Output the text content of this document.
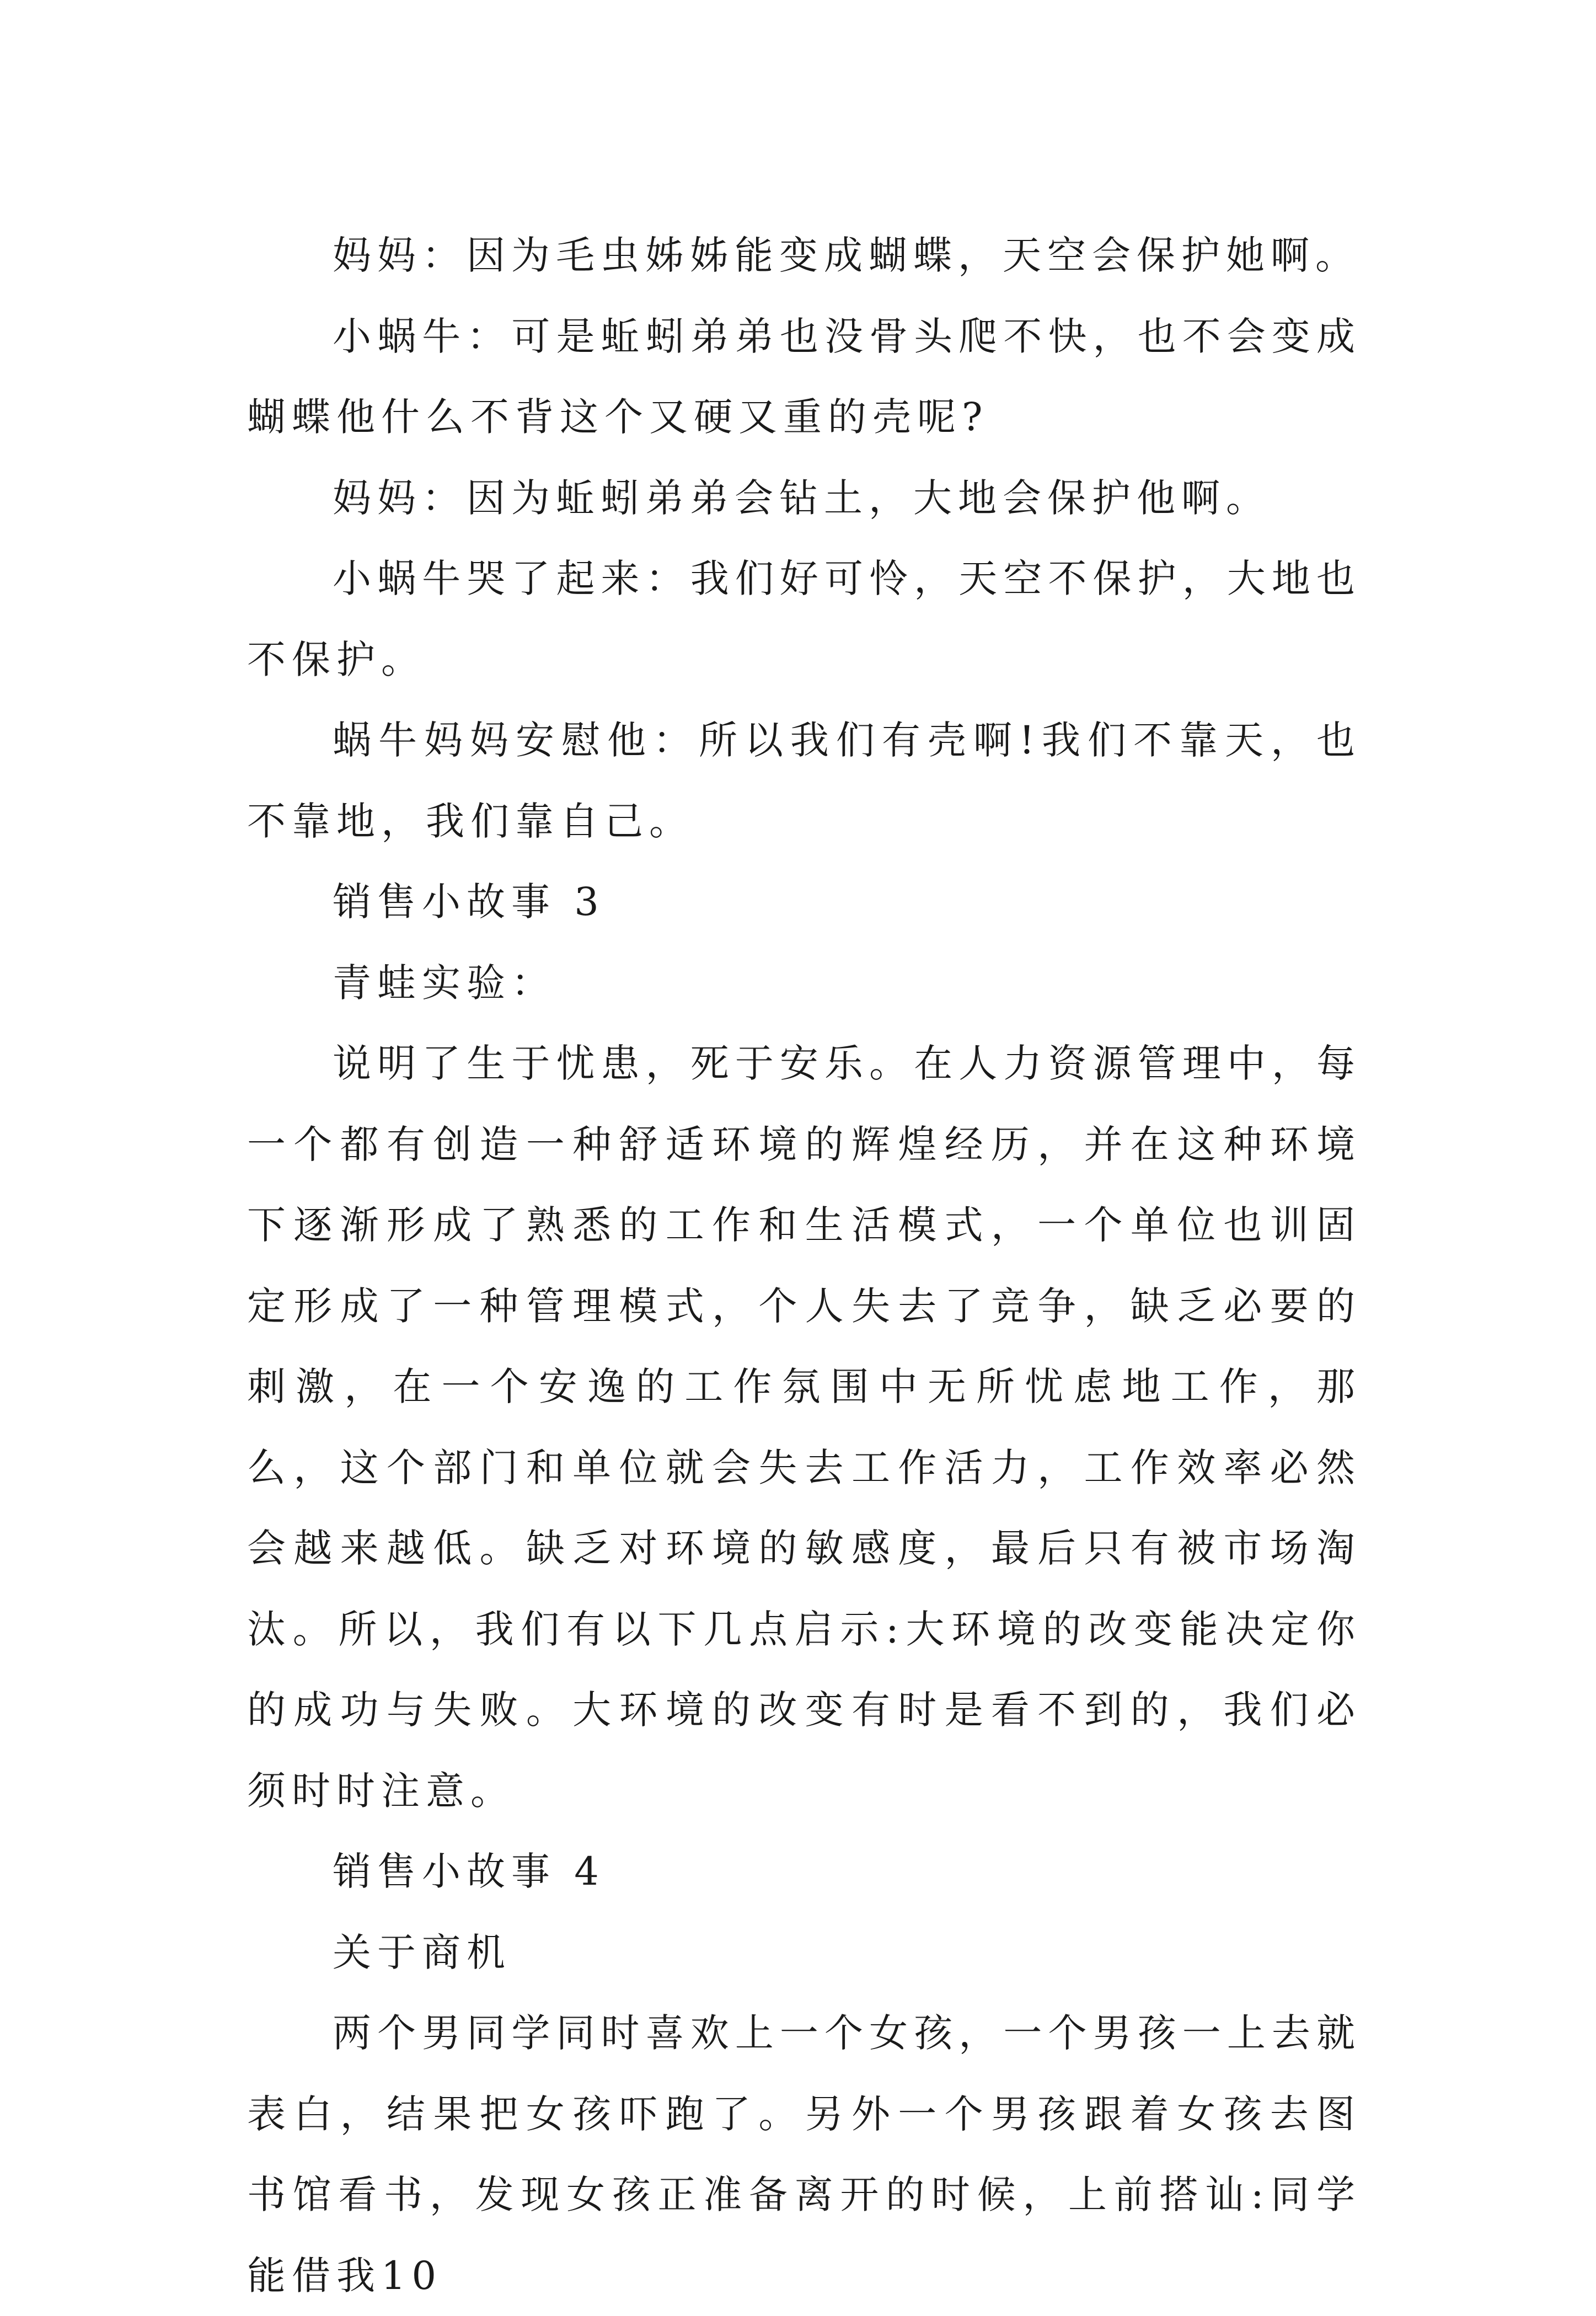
妈妈：因为毛虫姊姊能变成蝴蝶，天空会保护她啊。

小蜗牛：可是蚯蚓弟弟也没骨头爬不快，也不会变成蝴蝶他什么不背这个又硬又重的壳呢?

妈妈：因为蚯蚓弟弟会钻土，大地会保护他啊。

小蜗牛哭了起来：我们好可怜，天空不保护，大地也不保护。

蜗牛妈妈安慰他：所以我们有壳啊!我们不靠天，也不靠地，我们靠自己。

销售小故事 3

青蛙实验：

说明了生于忧患，死于安乐。在人力资源管理中，每一个都有创造一种舒适环境的辉煌经历，并在这种环境下逐渐形成了熟悉的工作和生活模式，一个单位也训固定形成了一种管理模式，个人失去了竞争，缺乏必要的刺激，在一个安逸的工作氛围中无所忧虑地工作，那么，这个部门和单位就会失去工作活力，工作效率必然会越来越低。缺乏对环境的敏感度，最后只有被市场淘汰。所以，我们有以下几点启示:大环境的改变能决定你的成功与失败。大环境的改变有时是看不到的，我们必须时时注意。

销售小故事 4

关于商机

两个男同学同时喜欢上一个女孩，一个男孩一上去就表白，结果把女孩吓跑了。另外一个男孩跟着女孩去图书馆看书，发现女孩正准备离开的时候，上前搭讪:同学能借我10
